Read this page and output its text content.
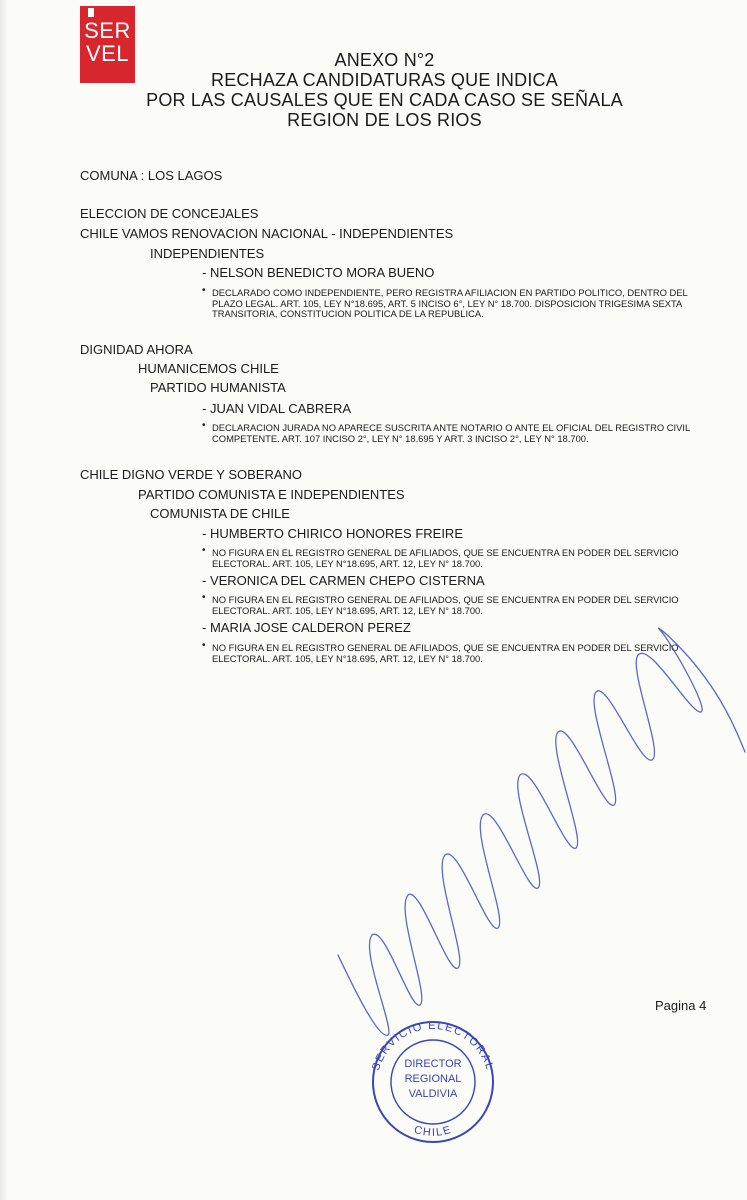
SER
VEL	ANEXO N°2
RECHAZA CANDIDATURAS QUE INDICA
POR LAS CAUSALES QUE EN CADA CASO SE SEÑALA
REGION DE LOS RIOS
COMUNA : LOS LAGOS
ELECCION DE CONCEJALES
CHILE VAMOS RENOVACION NACIONAL - INDEPENDIENTES
INDEPENDIENTES
- NELSON BENEDICTO MORA BUENO
• DECLARADO COMO INDEPENDIENTE, PERO REGISTRA AFILIACION EN PARTIDO POLITICO, DENTRO DEL PLAZO LEGAL. ART. 105, LEY N°18.695, ART. 5 INCISO 6°, LEY N° 18.700. DISPOSICION TRIGESIMA SEXTA TRANSITORIA, CONSTITUCION POLITICA DE LA REPUBLICA.
DIGNIDAD AHORA
HUMANICEMOS CHILE
PARTIDO HUMANISTA
- JUAN VIDAL CABRERA
• DECLARACION JURADA NO APARECE SUSCRITA ANTE NOTARIO O ANTE EL OFICIAL DEL REGISTRO CIVIL COMPETENTE. ART. 107 INCISO 2°, LEY N° 18.695 Y ART. 3 INCISO 2°, LEY N° 18.700.
CHILE DIGNO VERDE Y SOBERANO
PARTIDO COMUNISTA E INDEPENDIENTES
COMUNISTA DE CHILE
- HUMBERTO CHIRICO HONORES FREIRE
• NO FIGURA EN EL REGISTRO GENERAL DE AFILIADOS, QUE SE ENCUENTRA EN PODER DEL SERVICIO ELECTORAL. ART. 105, LEY N°18.695, ART. 12, LEY N° 18.700.
- VERONICA DEL CARMEN CHEPO CISTERNA
• NO FIGURA EN EL REGISTRO GENERAL DE AFILIADOS, QUE SE ENCUENTRA EN PODER DEL SERVICIO ELECTORAL. ART. 105, LEY N°18.695, ART. 12, LEY N° 18.700.
- MARIA JOSE CALDERON PEREZ
• NO FIGURA EN EL REGISTRO GENERAL DE AFILIADOS, QUE SE ENCUENTRA EN PODER DEL SERVICIO ELECTORAL. ART. 105, LEY N°18.695, ART. 12, LEY N° 18.700.
Pagina 4
SERVICIO ELECTORAL
CHILE
DIRECTOR
REGIONAL
VALDIVIA
